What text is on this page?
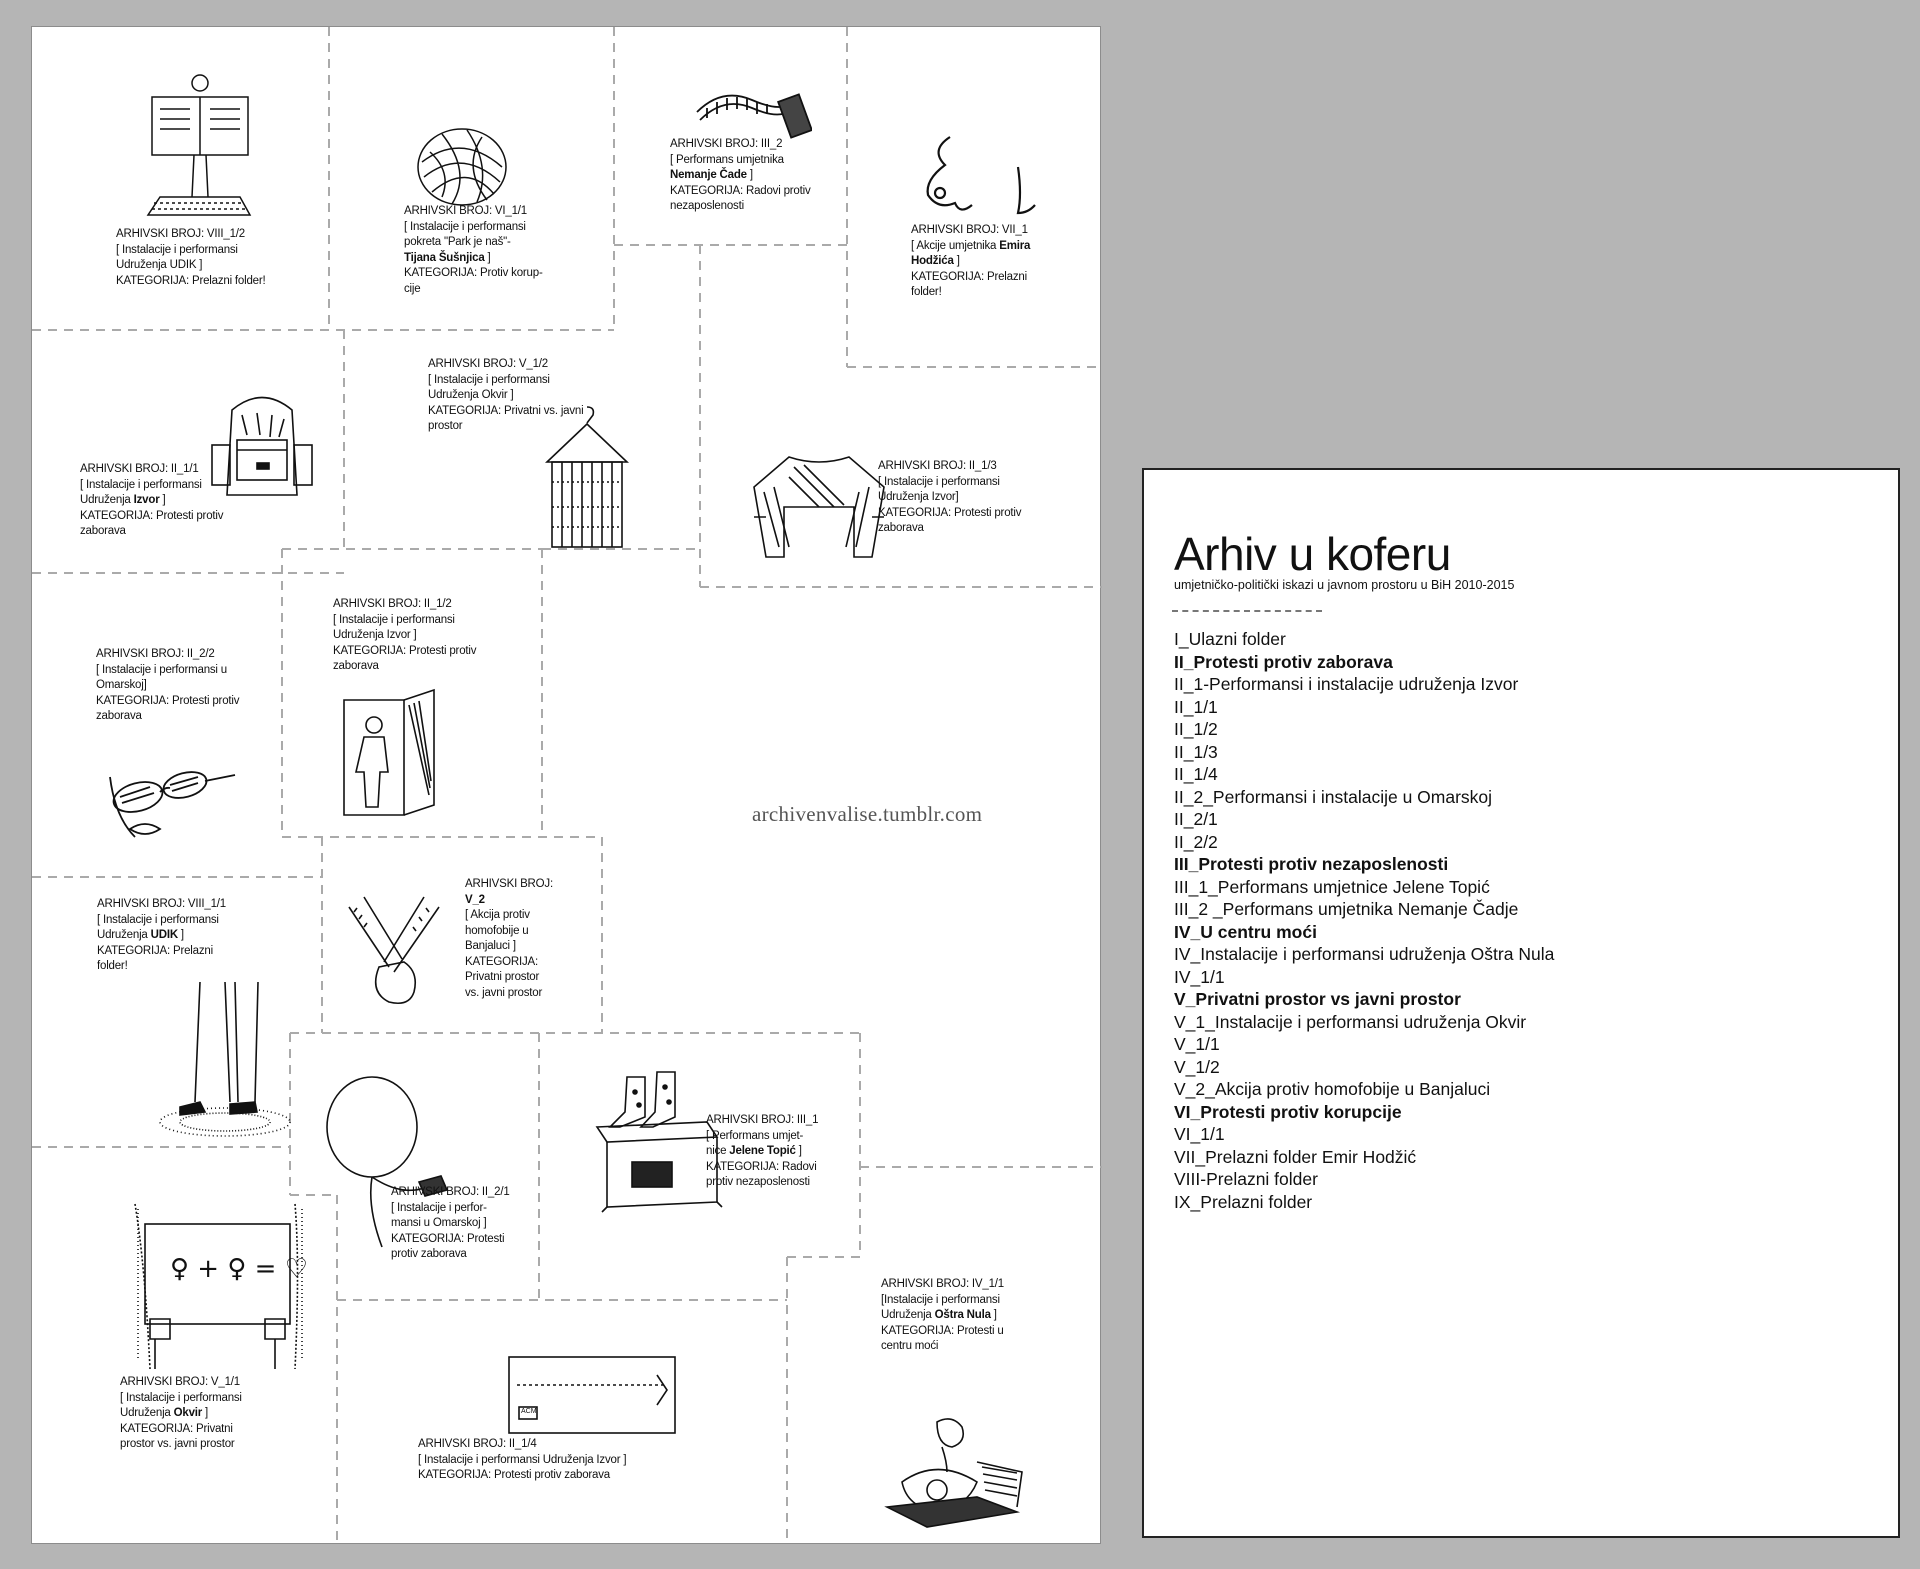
♀ + ♀ = ♡
ACM
ARHIVSKI BROJ: VIII_1/2
[ Instalacije i performansi
Udruženja UDIK ]
KATEGORIJA: Prelazni folder!
ARHIVSKI BROJ: VI_1/1
[ Instalacije i performansi
pokreta "Park je naš"-
Tijana Šušnjica ]
KATEGORIJA: Protiv korup-
cije
ARHIVSKI BROJ: III_2
[ Performans umjetnika
Nemanje Čade ]
KATEGORIJA: Radovi protiv
nezaposlenosti
ARHIVSKI BROJ: VII_1
[ Akcije umjetnika Emira
Hodžića ]
KATEGORIJA: Prelazni
folder!
ARHIVSKI BROJ: II_1/1
[ Instalacije i performansi
Udruženja Izvor ]
KATEGORIJA: Protesti protiv
zaborava
ARHIVSKI BROJ: V_1/2
[ Instalacije i performansi
Udruženja Okvir ]
KATEGORIJA: Privatni vs. javni
prostor
ARHIVSKI BROJ: II_1/3
[ Instalacije i performansi
Udruženja Izvor]
KATEGORIJA: Protesti protiv
zaborava
ARHIVSKI BROJ: II_1/2
[ Instalacije i performansi
Udruženja Izvor ]
KATEGORIJA: Protesti protiv
zaborava
ARHIVSKI BROJ: II_2/2
[ Instalacije i performansi u
Omarskoj]
KATEGORIJA: Protesti protiv
zaborava
ARHIVSKI BROJ:
V_2
[ Akcija protiv
homofobije u
Banjaluci ]
KATEGORIJA:
Privatni prostor
vs. javni prostor
ARHIVSKI BROJ: VIII_1/1
[ Instalacije i performansi
Udruženja UDIK ]
KATEGORIJA: Prelazni
folder!
ARHIVSKI BROJ: III_1
[ Performans umjet-
nice Jelene Topić ]
KATEGORIJA: Radovi
protiv nezaposlenosti
ARHIVSKI BROJ: II_2/1
[ Instalacije i perfor-
mansi u Omarskoj ]
KATEGORIJA: Protesti
protiv zaborava
ARHIVSKI BROJ: IV_1/1
[Instalacije i performansi
Udruženja Oštra Nula ]
KATEGORIJA: Protesti u
centru moći
ARHIVSKI BROJ: V_1/1
[ Instalacije i performansi
Udruženja Okvir ]
KATEGORIJA: Privatni
prostor vs. javni prostor	ARHIVSKI BROJ: II_1/4
[ Instalacije i performansi Udruženja Izvor ]
KATEGORIJA: Protesti protiv zaborava
archivenvalise.tumblr.com
Arhiv u koferu
umjetničko-politički iskazi u javnom prostoru u BiH 2010-2015
I_Ulazni folder
II_Protesti protiv zaborava
II_1-Performansi i instalacije udruženja Izvor
II_1/1
II_1/2
II_1/3
II_1/4
II_2_Performansi i instalacije u Omarskoj
II_2/1
II_2/2
III_Protesti protiv nezaposlenosti
III_1_Performans umjetnice Jelene Topić
III_2 _Performans umjetnika Nemanje Čadje
IV_U centru moći
IV_Instalacije i performansi udruženja Oštra Nula
IV_1/1
V_Privatni prostor vs javni prostor
V_1_Instalacije i performansi udruženja Okvir
V_1/1
V_1/2
V_2_Akcija protiv homofobije u Banjaluci
VI_Protesti protiv korupcije
VI_1/1
VII_Prelazni folder Emir Hodžić
VIII-Prelazni folder
IX_Prelazni folder
